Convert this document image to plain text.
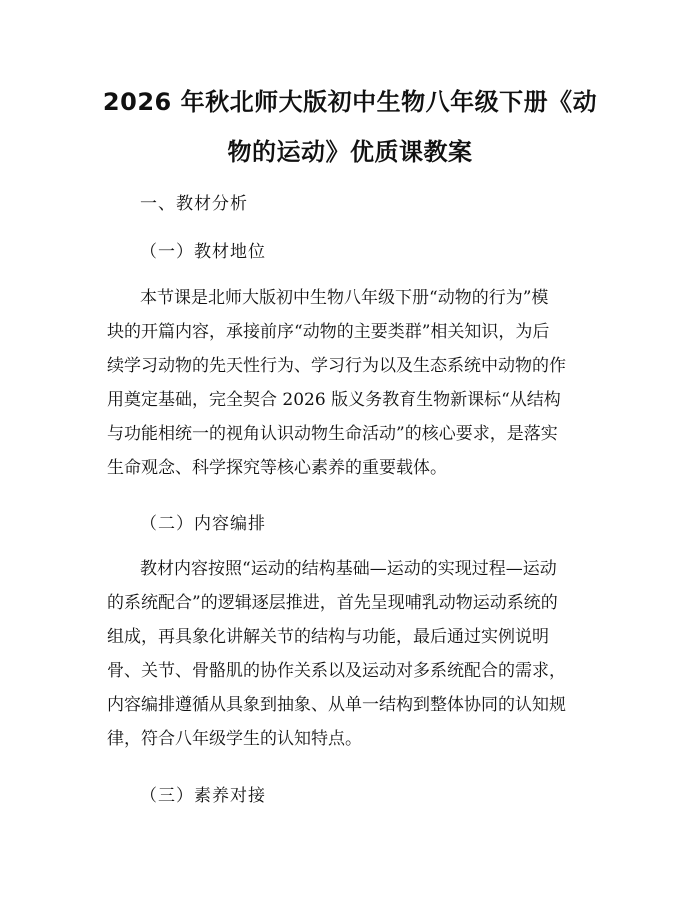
2026 年秋北师大版初中生物八年级下册《动
物的运动》优质课教案
一、教材分析
（一）教材地位
本节课是北师大版初中生物八年级下册“动物的行为”模
块的开篇内容，承接前序“动物的主要类群”相关知识，为后
续学习动物的先天性行为、学习行为以及生态系统中动物的作
用奠定基础，完全契合 2026 版义务教育生物新课标“从结构
与功能相统一的视角认识动物生命活动”的核心要求，是落实
生命观念、科学探究等核心素养的重要载体。
（二）内容编排
教材内容按照“运动的结构基础—运动的实现过程—运动
的系统配合”的逻辑逐层推进，首先呈现哺乳动物运动系统的
组成，再具象化讲解关节的结构与功能，最后通过实例说明
骨、关节、骨骼肌的协作关系以及运动对多系统配合的需求，
内容编排遵循从具象到抽象、从单一结构到整体协同的认知规
律，符合八年级学生的认知特点。
（三）素养对接
